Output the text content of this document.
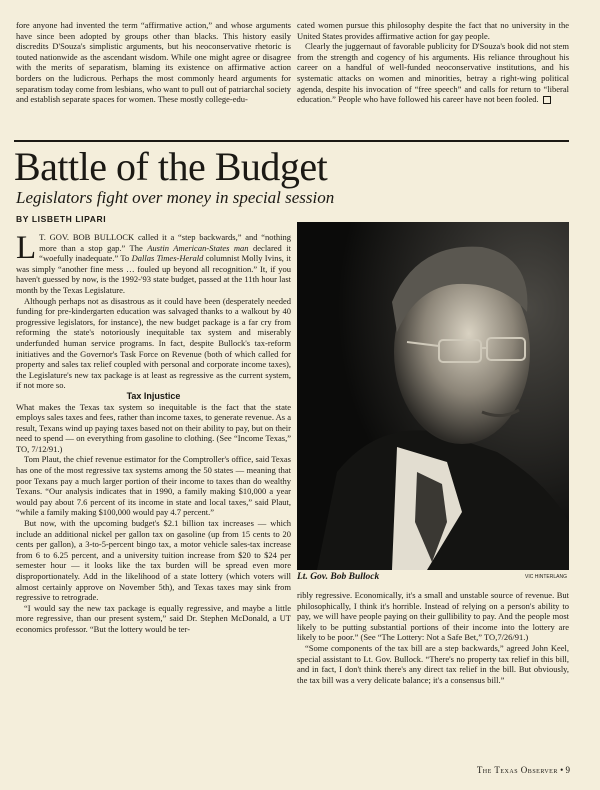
fore anyone had invented the term “affirmative action,” and whose arguments have since been adopted by groups other than blacks. This history easily discredits D'Souza's simplistic arguments, but his neoconservative rhetoric is touted nationwide as the ascendant wisdom. While one might agree or disagree with the merits of separatism, blaming its existence on affirmative action borders on the ludicrous. Perhaps the most commonly heard arguments for separatism today come from lesbians, who want to pull out of patriarchal society and establish separate spaces for women. These mostly college-edu-

cated women pursue this philosophy despite the fact that no university in the United States provides affirmative action for gay people.

Clearly the juggernaut of favorable publicity for D'Souza's book did not stem from the strength and cogency of his arguments. His reliance throughout his career on a handful of well-funded neoconservative institutions, and his systematic attacks on women and minorities, betray a right-wing political agenda, despite his invocation of “free speech” and calls for return to “liberal education.” People who have followed his career have not been fooled.

Battle of the Budget
Legislators fight over money in special session
BY LISBETH LIPARI

L T. GOV. BOB BULLOCK called it a “step backwards,” and “nothing more than a stop gap.” The Austin American-States man declared it “woefully inadequate.” To Dallas Times-Herald columnist Molly Ivins, it was simply “another fine mess … fouled up beyond all recognition.” It, if you haven't guessed by now, is the 1992-'93 state budget, passed at the 11th hour last month by the Texas Legislature.

Although perhaps not as disastrous as it could have been (desperately needed funding for pre-kindergarten education was salvaged thanks to a walkout by 40 progressive legislators, for instance), the new budget package is a far cry from reforming the state's notoriously inequitable tax system and miserably underfunded human service programs. In fact, despite Bullock's tax-reform initiatives and the Governor's Task Force on Revenue (both of which called for property and sales tax relief coupled with personal and corporate income taxes), the Legislature's new tax package is at least as regressive as the current system, if not more so.

Tax Injustice

What makes the Texas tax system so inequitable is the fact that the state employs sales taxes and fees, rather than income taxes, to generate revenue. As a result, Texans wind up paying taxes based not on their ability to pay, but on their need to spend — on everything from gasoline to clothing. (See “Income Texas,” TO, 7/12/91.)

Tom Plaut, the chief revenue estimator for the Comptroller's office, said Texas has one of the most regressive tax systems among the 50 states — meaning that poor Texans pay a much larger portion of their income to taxes than do wealthy Texans. “Our analysis indicates that in 1990, a family making $10,000 a year would pay about 7.6 percent of its income in state and local taxes,” said Plaut, “while a family making $100,000 would pay 4.7 percent.”

But now, with the upcoming budget's $2.1 billion tax increases — which include an additional nickel per gallon tax on gasoline (up from 15 cents to 20 cents per gallon), a 3-to-5-percent bingo tax, a motor vehicle sales-tax increase from 6 to 6.25 percent, and a university tuition increase from $20 to $24 per semester hour — it looks like the tax burden will be spread even more disproportionately. Add in the likelihood of a state lottery (which voters will almost certainly approve on November 5th), and Texas taxes may sink from regressive to retrograde.

“I would say the new tax package is equally regressive, and maybe a little more regressive, than our present system,” said Dr. Stephen McDonald, a UT economics professor. “But the lottery would be ter-

Lt. Gov. Bob Bullock	VIC HINTERLANG

ribly regressive. Economically, it's a small and unstable source of revenue. But philosophically, I think it's horrible. Instead of relying on a person's ability to pay, we will have people paying on their gullibility to pay. And the people most likely to be putting substantial portions of their income into the lottery are likely to be poor.” (See “The Lottery: Not a Safe Bet,” TO,7/26/91.)

“Some components of the tax bill are a step backwards,” agreed John Keel, special assistant to Lt. Gov. Bullock. “There's no property tax relief in this bill, and in fact, I don't think there's any direct tax relief in the bill. But obviously, the tax bill was a very delicate balance; it's a consensus bill.”

The Texas Observer • 9
